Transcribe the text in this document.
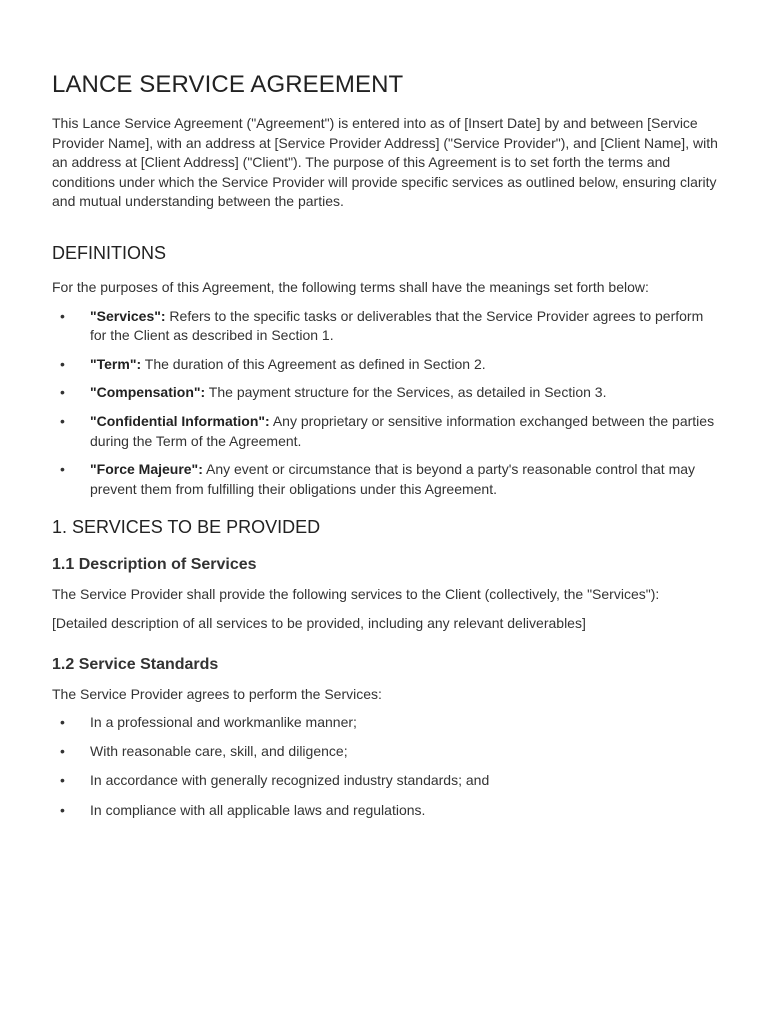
LANCE SERVICE AGREEMENT

This Lance Service Agreement ("Agreement") is entered into as of [Insert Date] by and between [Service Provider Name], with an address at [Service Provider Address] ("Service Provider"), and [Client Name], with an address at [Client Address] ("Client"). The purpose of this Agreement is to set forth the terms and conditions under which the Service Provider will provide specific services as outlined below, ensuring clarity and mutual understanding between the parties.

DEFINITIONS

For the purposes of this Agreement, the following terms shall have the meanings set forth below:

• "Services": Refers to the specific tasks or deliverables that the Service Provider agrees to perform for the Client as described in Section 1.
• "Term": The duration of this Agreement as defined in Section 2.
• "Compensation": The payment structure for the Services, as detailed in Section 3.
• "Confidential Information": Any proprietary or sensitive information exchanged between the parties during the Term of the Agreement.
• "Force Majeure": Any event or circumstance that is beyond a party's reasonable control that may prevent them from fulfilling their obligations under this Agreement.
1. SERVICES TO BE PROVIDED
1.1 Description of Services

The Service Provider shall provide the following services to the Client (collectively, the "Services"):

[Detailed description of all services to be provided, including any relevant deliverables]

1.2 Service Standards

The Service Provider agrees to perform the Services:

• In a professional and workmanlike manner;
• With reasonable care, skill, and diligence;
• In accordance with generally recognized industry standards; and
• In compliance with all applicable laws and regulations.
